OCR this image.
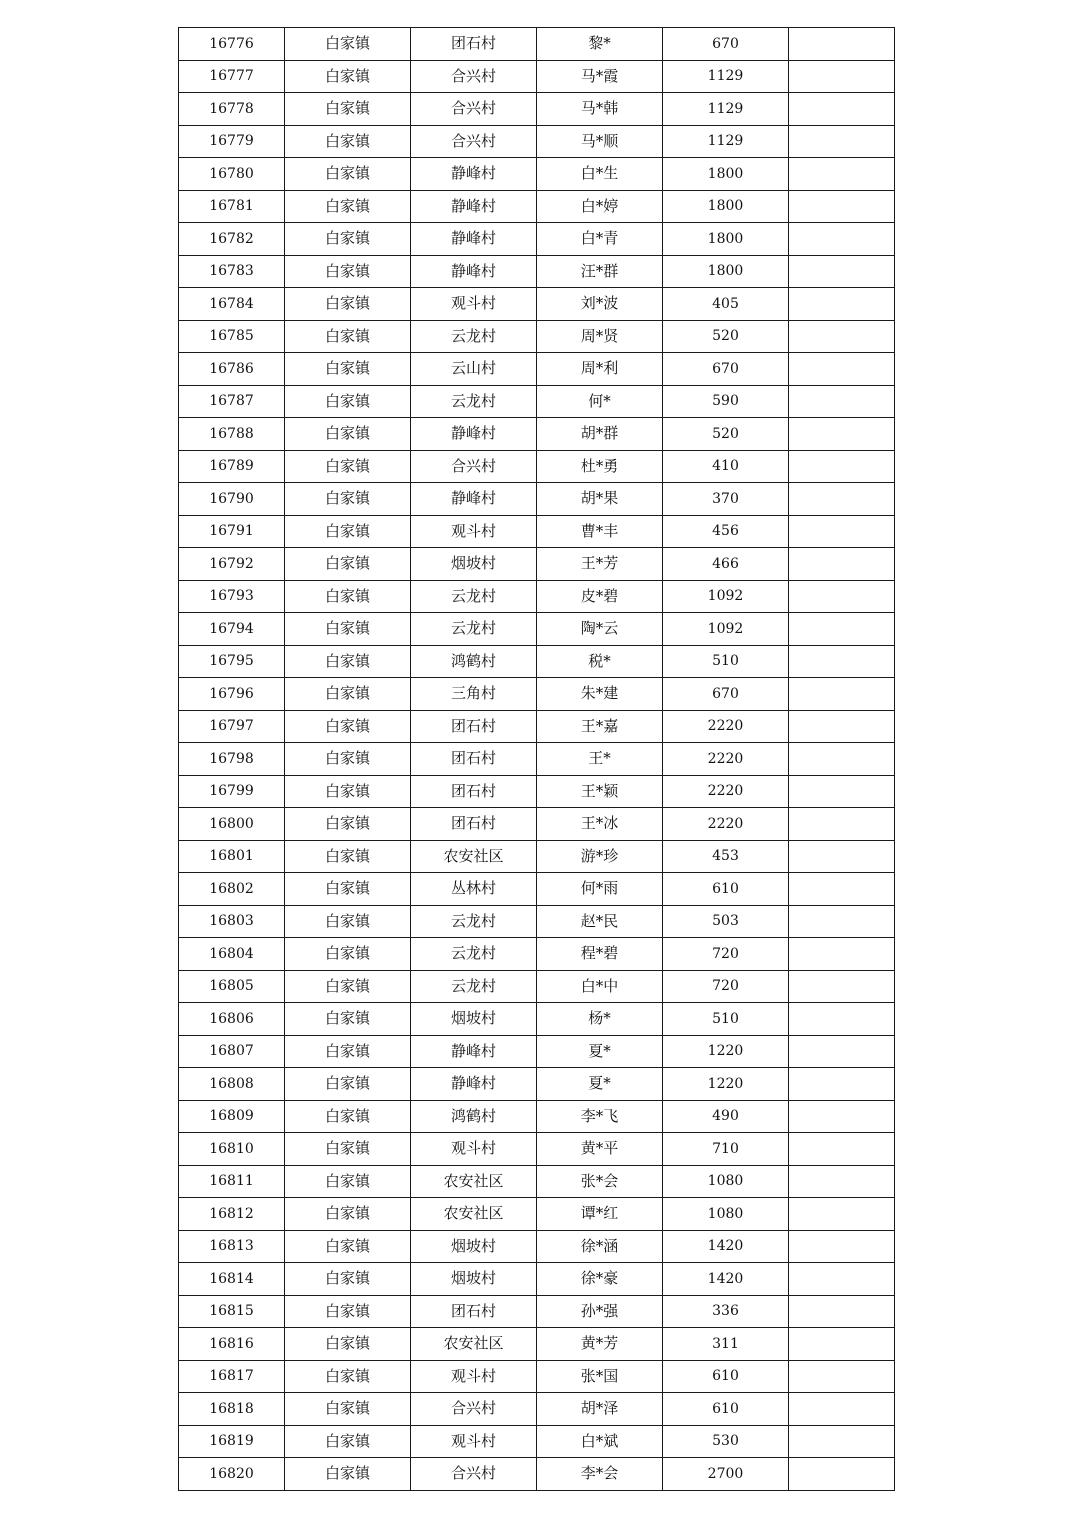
16776	白家镇	团石村	黎*	670	
16777	白家镇	合兴村	马*霞	1129	
16778	白家镇	合兴村	马*韩	1129	
16779	白家镇	合兴村	马*顺	1129	
16780	白家镇	静峰村	白*生	1800	
16781	白家镇	静峰村	白*婷	1800	
16782	白家镇	静峰村	白*青	1800	
16783	白家镇	静峰村	汪*群	1800	
16784	白家镇	观斗村	刘*波	405	
16785	白家镇	云龙村	周*贤	520	
16786	白家镇	云山村	周*利	670	
16787	白家镇	云龙村	何*	590	
16788	白家镇	静峰村	胡*群	520	
16789	白家镇	合兴村	杜*勇	410	
16790	白家镇	静峰村	胡*果	370	
16791	白家镇	观斗村	曹*丰	456	
16792	白家镇	烟坡村	王*芳	466	
16793	白家镇	云龙村	皮*碧	1092	
16794	白家镇	云龙村	陶*云	1092	
16795	白家镇	鸿鹤村	税*	510	
16796	白家镇	三角村	朱*建	670	
16797	白家镇	团石村	王*嘉	2220	
16798	白家镇	团石村	王*	2220	
16799	白家镇	团石村	王*颖	2220	
16800	白家镇	团石村	王*冰	2220	
16801	白家镇	农安社区	游*珍	453	
16802	白家镇	丛林村	何*雨	610	
16803	白家镇	云龙村	赵*民	503	
16804	白家镇	云龙村	程*碧	720	
16805	白家镇	云龙村	白*中	720	
16806	白家镇	烟坡村	杨*	510	
16807	白家镇	静峰村	夏*	1220	
16808	白家镇	静峰村	夏*	1220	
16809	白家镇	鸿鹤村	李*飞	490	
16810	白家镇	观斗村	黄*平	710	
16811	白家镇	农安社区	张*会	1080	
16812	白家镇	农安社区	谭*红	1080	
16813	白家镇	烟坡村	徐*涵	1420	
16814	白家镇	烟坡村	徐*豪	1420	
16815	白家镇	团石村	孙*强	336	
16816	白家镇	农安社区	黄*芳	311	
16817	白家镇	观斗村	张*国	610	
16818	白家镇	合兴村	胡*泽	610	
16819	白家镇	观斗村	白*斌	530	
16820	白家镇	合兴村	李*会	2700	
